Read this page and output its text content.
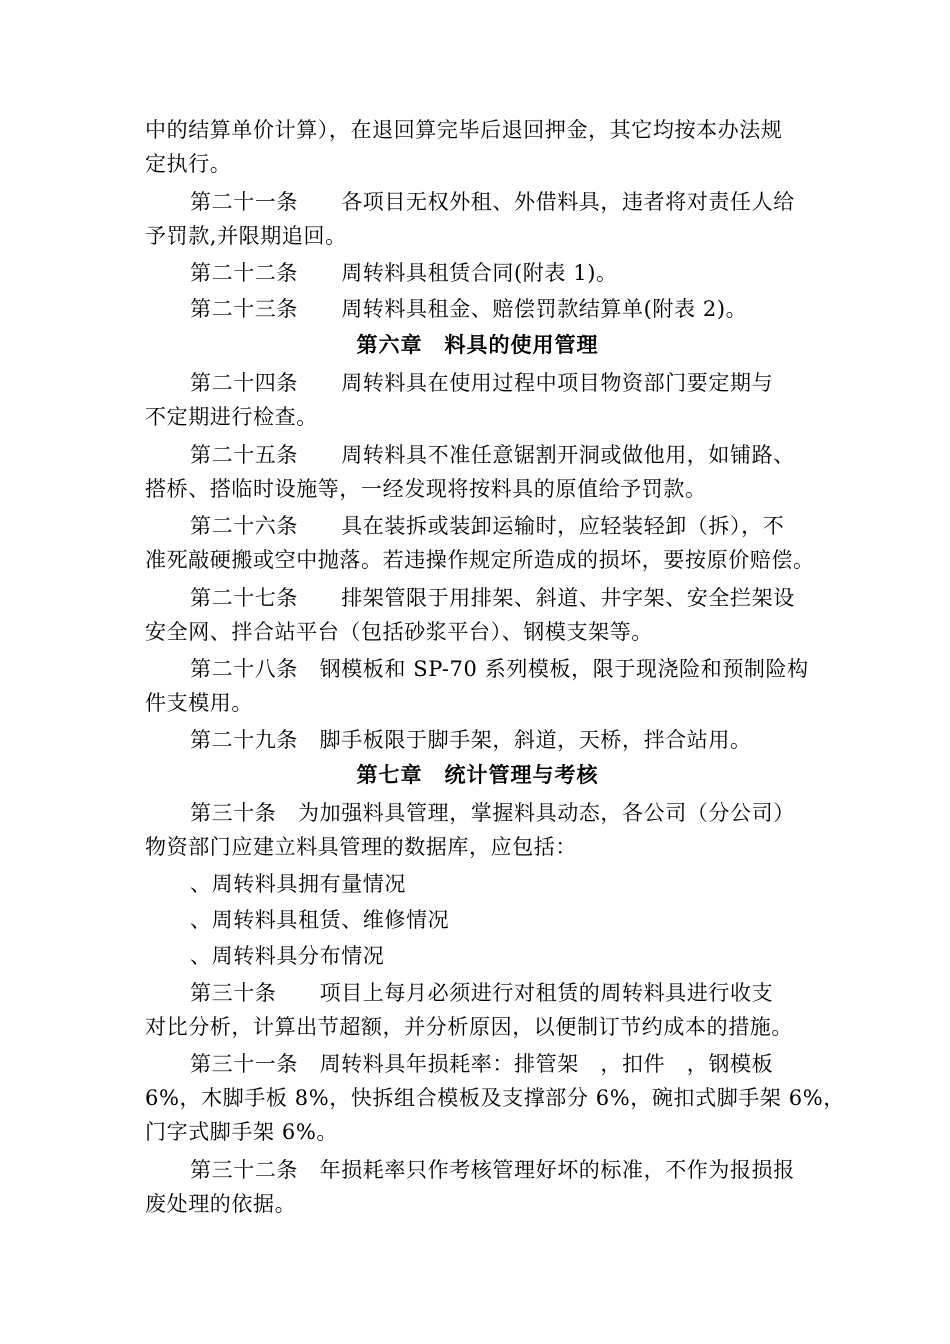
中的结算单价计算），在退回算完毕后退回押金，其它均按本办法规
定执行。
第二十一条　　各项目无权外租、外借料具，违者将对责任人给
予罚款,并限期追回。
第二十二条　　周转料具租赁合同(附表 1)。
第二十三条　　周转料具租金、赔偿罚款结算单(附表 2)。
第六章　料具的使用管理
第二十四条　　周转料具在使用过程中项目物资部门要定期与
不定期进行检查。
第二十五条　　周转料具不准任意锯割开洞或做他用，如铺路、
搭桥、搭临时设施等，一经发现将按料具的原值给予罚款。
第二十六条　　具在装拆或装卸运输时，应轻装轻卸（拆），不
准死敲硬搬或空中抛落。若违操作规定所造成的损坏，要按原价赔偿。
第二十七条　　排架管限于用排架、斜道、井字架、安全拦架设
安全网、拌合站平台（包括砂浆平台）、钢模支架等。
第二十八条　钢模板和 SP-70 系列模板，限于现浇险和预制险构
件支模用。
第二十九条　脚手板限于脚手架，斜道，天桥，拌合站用。
第七章　统计管理与考核
第三十条　为加强料具管理，掌握料具动态，各公司（分公司）
物资部门应建立料具管理的数据库，应包括：
、周转料具拥有量情况
、周转料具租赁、维修情况
、周转料具分布情况
第三十条　　项目上每月必须进行对租赁的周转料具进行收支
对比分析，计算出节超额，并分析原因，以便制订节约成本的措施。
第三十一条　周转料具年损耗率：排管架　，扣件　，钢模板
6%，木脚手板 8%，快拆组合模板及支撑部分 6%，碗扣式脚手架 6%，
门字式脚手架 6%。
第三十二条　年损耗率只作考核管理好坏的标准，不作为报损报
废处理的依据。
